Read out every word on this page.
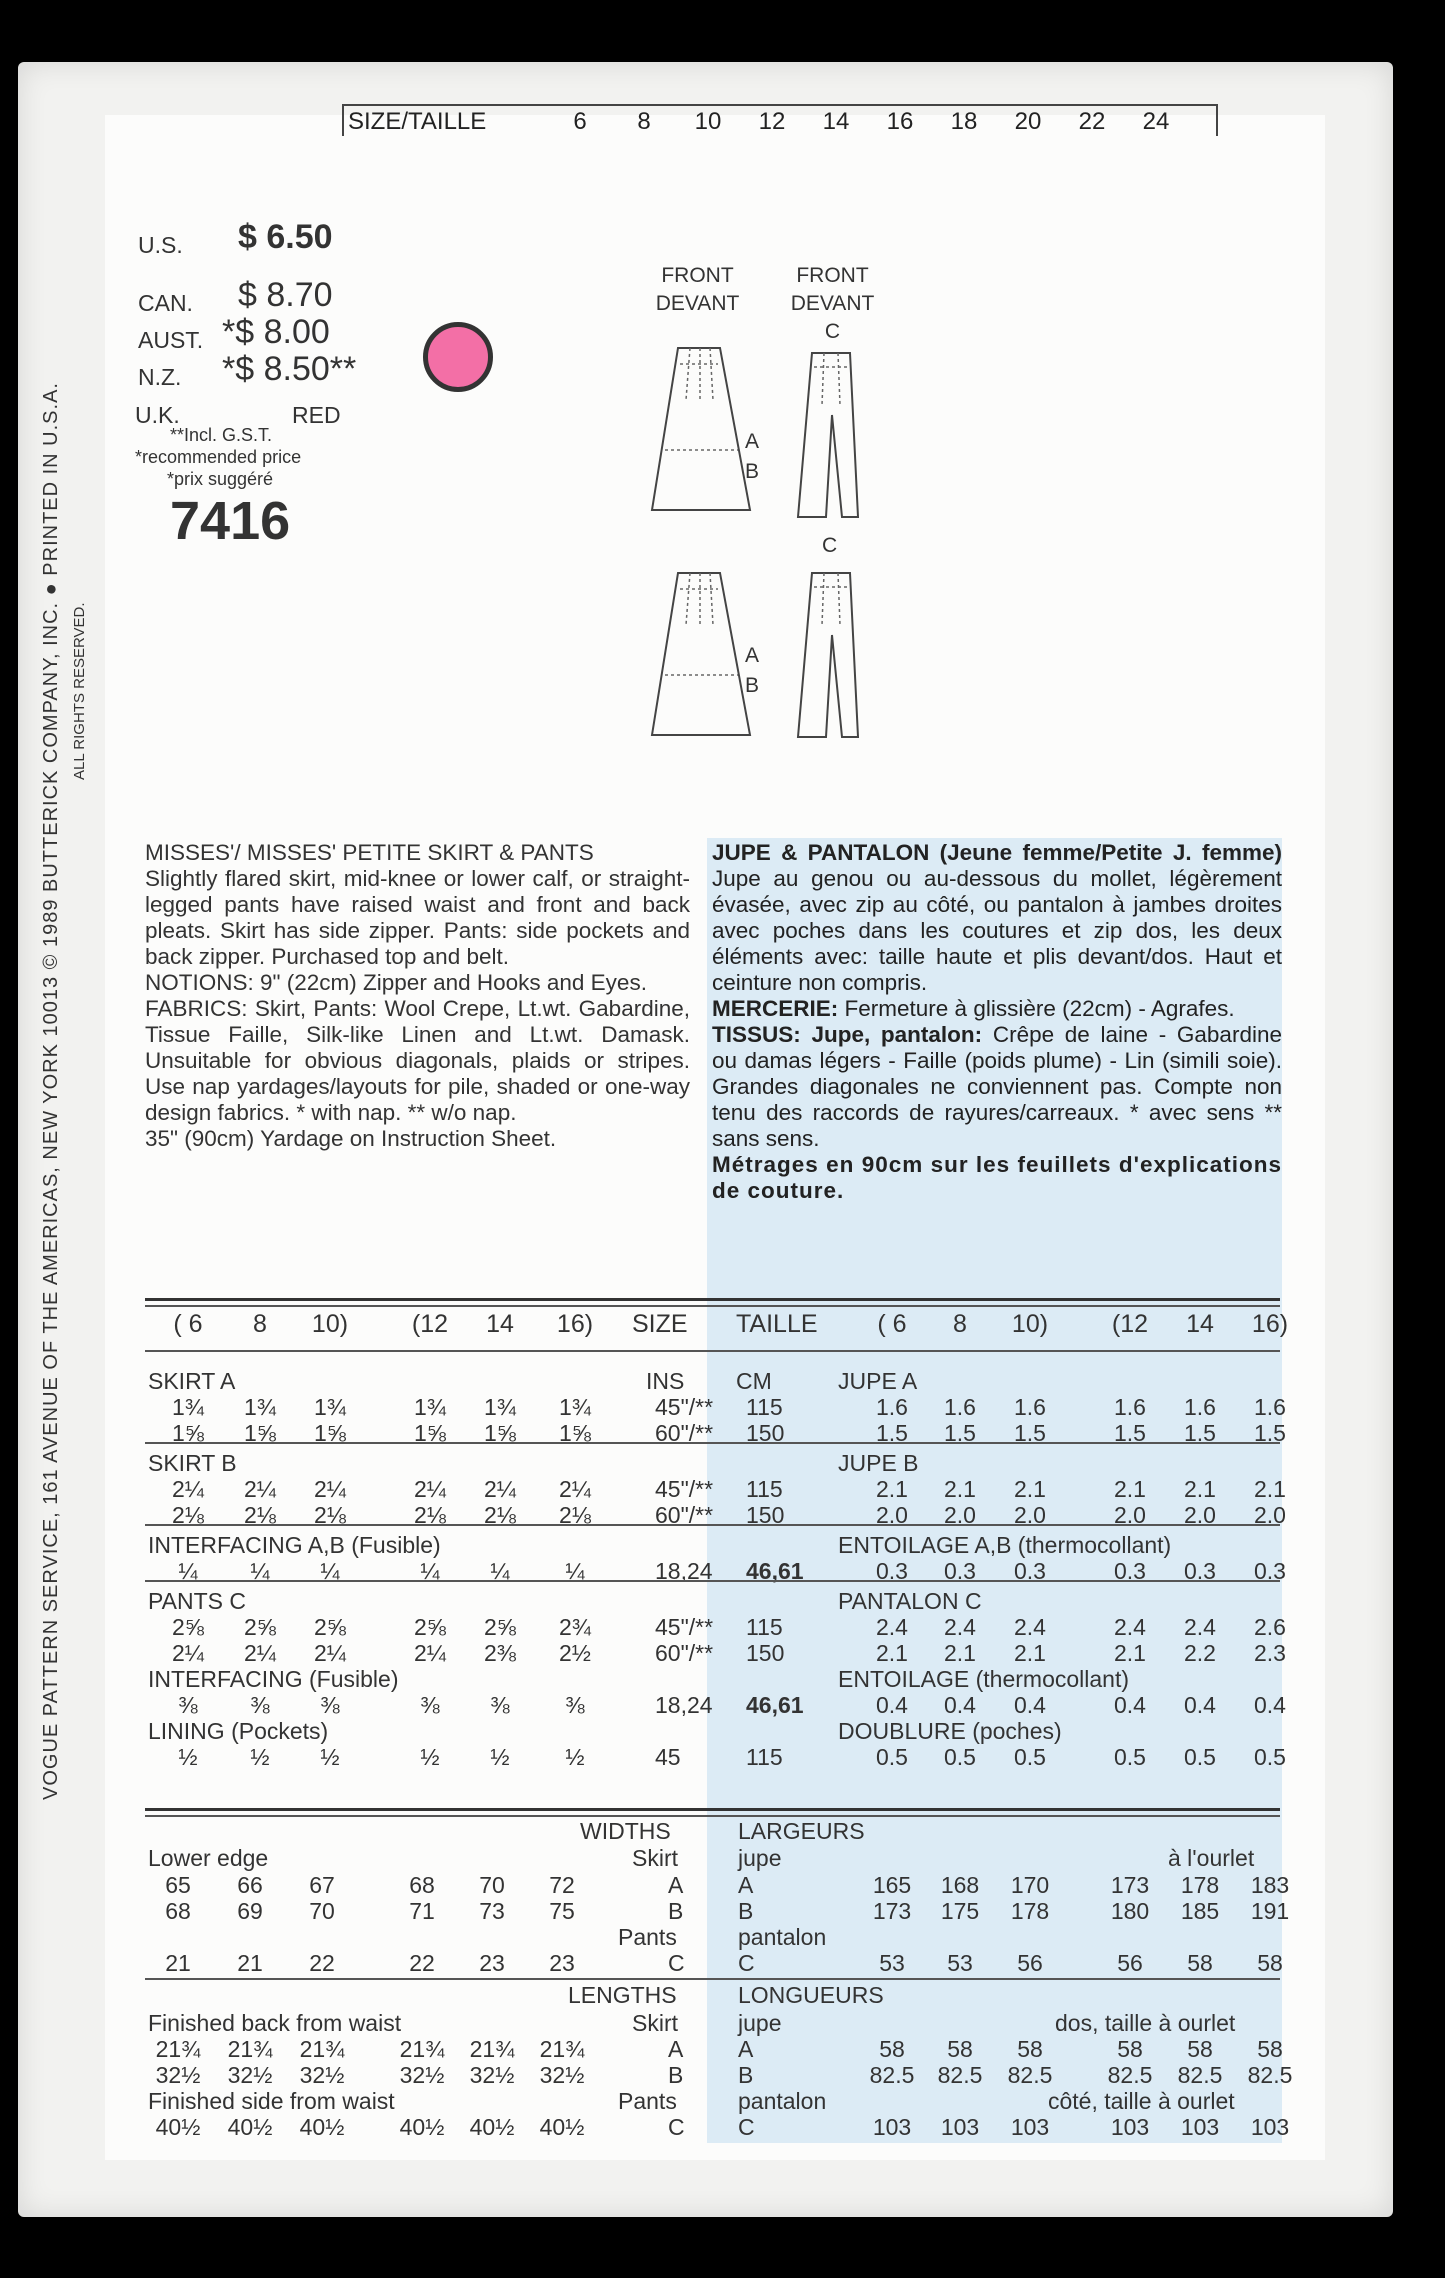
VOGUE PATTERN SERVICE, 161 AVENUE OF THE AMERICAS, NEW YORK 10013 © 1989 BUTTERICK COMPANY, INC. ● PRINTED IN U.S.A. ALL RIGHTS RESERVED.
SIZE/TAILLE	6	8	10	12	14	16	18	20	22	24
U.S. $ 6.50
CAN. $ 8.70
AUST. *$ 8.00
N.Z. *$ 8.50**
U.K.	RED
**Incl. G.S.T.
*recommended price
*prix suggéré
7416
FRONT
DEVANT
FRONT
DEVANT
C
A
B
C
A
B
MISSES'/ MISSES' PETITE SKIRT & PANTS
Slightly flared skirt, mid-knee or lower calf, or straight-legged pants have raised waist and front and back pleats. Skirt has side zipper. Pants: side pockets and back zipper. Purchased top and belt.
NOTIONS: 9" (22cm) Zipper and Hooks and Eyes.
FABRICS: Skirt, Pants: Wool Crepe, Lt.wt. Gabardine, Tissue Faille, Silk-like Linen and Lt.wt. Damask. Unsuitable for obvious diagonals, plaids or stripes. Use nap yardages/layouts for pile, shaded or one-way design fabrics. * with nap. ** w/o nap.
35" (90cm) Yardage on Instruction Sheet.
JUPE & PANTALON (Jeune femme/Petite J. femme) Jupe au genou ou au-dessous du mollet, légèrement évasée, avec zip au côté, ou pantalon à jambes droites avec poches dans les coutures et zip dos, les deux éléments avec: taille haute et plis devant/dos. Haut et ceinture non compris.
MERCERIE: Fermeture à glissière (22cm) - Agrafes.
TISSUS: Jupe, pantalon: Crêpe de laine - Gabardine ou damas légers - Faille (poids plume) - Lin (simili soie). Grandes diagonales ne conviennent pas. Compte non tenu des raccords de rayures/carreaux. * avec sens ** sans sens.
Métrages en 90cm sur les feuillets d'explications de couture.
( 6	8	10)	(12	14	16)	SIZE TAILLE	( 6	8	10)	(12	14	16)
SKIRT A	JUPE A
INS CM
1¾	1¾	1¾	1¾	1¾	1¾	45"/** 115	1.6	1.6	1.6	1.6	1.6	1.6
1⅝	1⅝	1⅝	1⅝	1⅝	1⅝	60"/** 150	1.5	1.5	1.5	1.5	1.5	1.5
SKIRT B	JUPE B
2¼	2¼	2¼	2¼	2¼	2¼	45"/** 115	2.1	2.1	2.1	2.1	2.1	2.1
2⅛	2⅛	2⅛	2⅛	2⅛	2⅛	60"/** 150	2.0	2.0	2.0	2.0	2.0	2.0
INTERFACING A,B (Fusible)	ENTOILAGE A,B (thermocollant)
¼	¼	¼	¼	¼	¼	18,24 46,61	0.3	0.3	0.3	0.3	0.3	0.3
PANTS C	PANTALON C
2⅝	2⅝	2⅝	2⅝	2⅝	2¾	45"/** 115	2.4	2.4	2.4	2.4	2.4	2.6
2¼	2¼	2¼	2¼	2⅜	2½	60"/** 150	2.1	2.1	2.1	2.1	2.2	2.3
INTERFACING (Fusible)	ENTOILAGE (thermocollant)
⅜	⅜	⅜	⅜	⅜	⅜	18,24 46,61	0.4	0.4	0.4	0.4	0.4	0.4
LINING (Pockets)	DOUBLURE (poches)
½	½	½	½	½	½	45	115	0.5	0.5	0.5	0.5	0.5	0.5
WIDTHS	LARGEURS
Lower edge	Skirt	jupe	à l'ourlet
65	66	67	68	70	72	A A	165	168	170	173	178	183
68	69	70	71	73	75	B B	173	175	178	180	185	191
Pants	pantalon
21	21	22	22	23	23	C C	53	53	56	56	58	58
LENGTHS	LONGUEURS
Finished back from waist	Skirt	jupe	dos, taille à ourlet
21¾	21¾	21¾	21¾	21¾	21¾	A A	58	58	58	58	58	58
32½	32½	32½	32½	32½	32½	B B	82.5	82.5	82.5	82.5	82.5	82.5
Finished side from waist	Pants	pantalon	côté, taille à ourlet
40½	40½	40½	40½	40½	40½	C C	103	103	103	103	103	103
